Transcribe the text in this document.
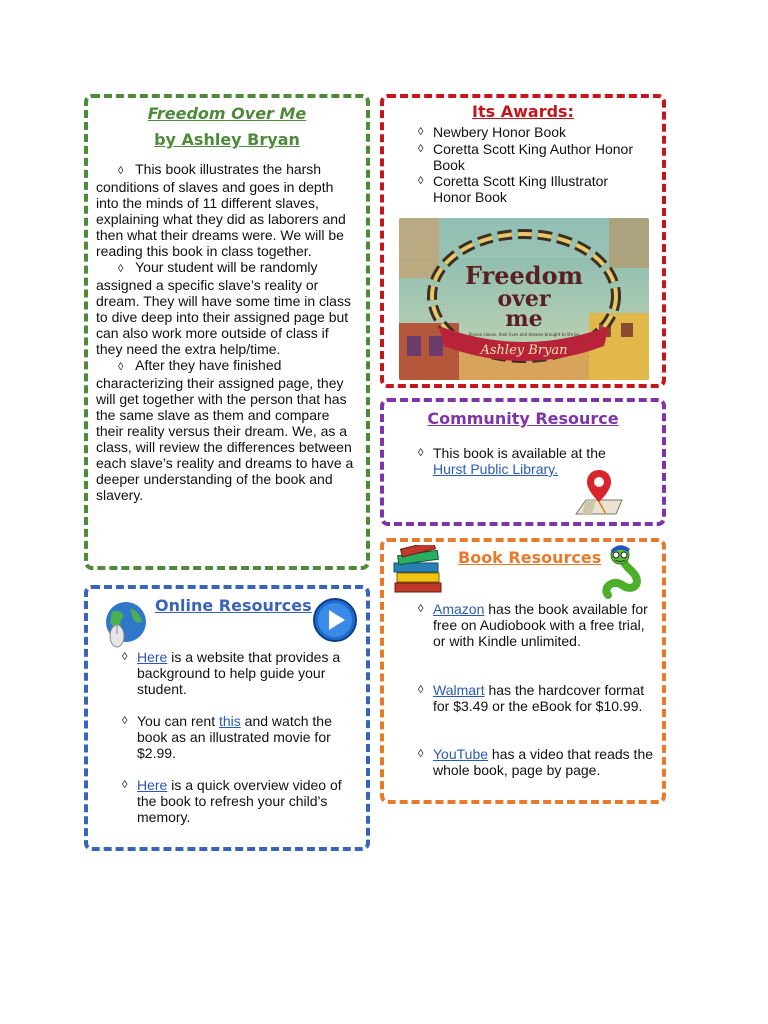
Freedom Over Me
by Ashley Bryan

◊ This book illustrates the harsh conditions of slaves and goes in depth into the minds of 11 different slaves, explaining what they did as laborers and then what their dreams were. We will be reading this book in class together.

◊ Your student will be randomly assigned a specific slave’s reality or dream. They will have some time in class to dive deep into their assigned page but can also work more outside of class if they need the extra help/time.

◊ After they have finished characterizing their assigned page, they will get together with the person that has the same slave as them and compare their reality versus their dream. We, as a class, will review the differences between each slave’s reality and dreams to have a deeper understanding of the book and slavery.

Its Awards:
◊ Newbery Honor Book
◊ Coretta Scott King Author Honor Book
◊ Coretta Scott King Illustrator Honor Book
Freedom
over
me
Eleven slaves, their lives and dreams brought to life by
Ashley Bryan
Community Resource
◊ This book is available at the Hurst Public Library.
Book Resources
◊ Amazon has the book available for free on Audiobook with a free trial, or with Kindle unlimited.
◊ Walmart has the hardcover format for $3.49 or the eBook for $10.99.
◊ YouTube has a video that reads the whole book, page by page.
Online Resources
◊ Here is a website that provides a background to help guide your student.
◊ You can rent this and watch the book as an illustrated movie for $2.99.
◊ Here is a quick overview video of the book to refresh your child’s memory.
